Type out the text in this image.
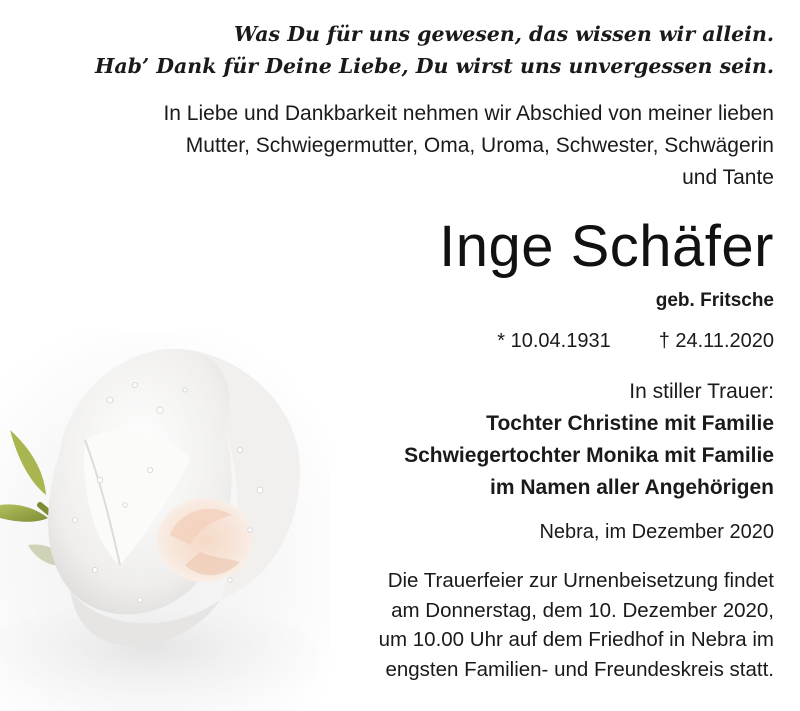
Was Du für uns gewesen, das wissen wir allein.
Hab’ Dank für Deine Liebe, Du wirst uns unvergessen sein.
In Liebe und Dankbarkeit nehmen wir Abschied von meiner lieben
Mutter, Schwiegermutter, Oma, Uroma, Schwester, Schwägerin
und Tante
Inge Schäfer
geb. Fritsche
* 10.04.1931 † 24.11.2020
In stiller Trauer:
Tochter Christine mit Familie
Schwiegertochter Monika mit Familie
im Namen aller Angehörigen
Nebra, im Dezember 2020
Die Trauerfeier zur Urnenbeisetzung findet
am Donnerstag, dem 10. Dezember 2020,
um 10.00 Uhr auf dem Friedhof in Nebra im
engsten Familien- und Freundeskreis statt.
